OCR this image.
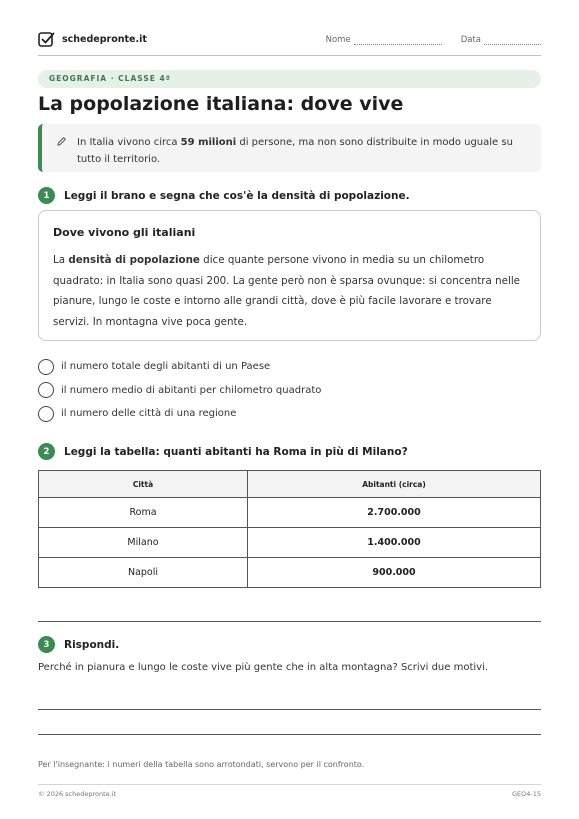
schedepronte.it	Nome	Data
GEOGRAFIA · CLASSE 4ª
La popolazione italiana: dove vive

In Italia vivono circa 59 milioni di persone, ma non sono distribuite in modo uguale su tutto il territorio.

1	Leggi il brano e segna che cos'è la densità di popolazione.
Dove vivono gli italiani
La densità di popolazione dice quante persone vivono in media su un chilometro quadrato: in Italia sono quasi 200. La gente però non è sparsa ovunque: si concentra nelle pianure, lungo le coste e intorno alle grandi città, dove è più facile lavorare e trovare servizi. In montagna vive poca gente.
il numero totale degli abitanti di un Paese
il numero medio di abitanti per chilometro quadrato
il numero delle città di una regione
2	Leggi la tabella: quanti abitanti ha Roma in più di Milano?
Città	Abitanti (circa)
Roma	2.700.000
Milano	1.400.000
Napoli	900.000
3	Rispondi.
Perché in pianura e lungo le coste vive più gente che in alta montagna? Scrivi due motivi.
Per l'insegnante: i numeri della tabella sono arrotondati, servono per il confronto.
© 2026 schedepronte.it	GEO4-15
